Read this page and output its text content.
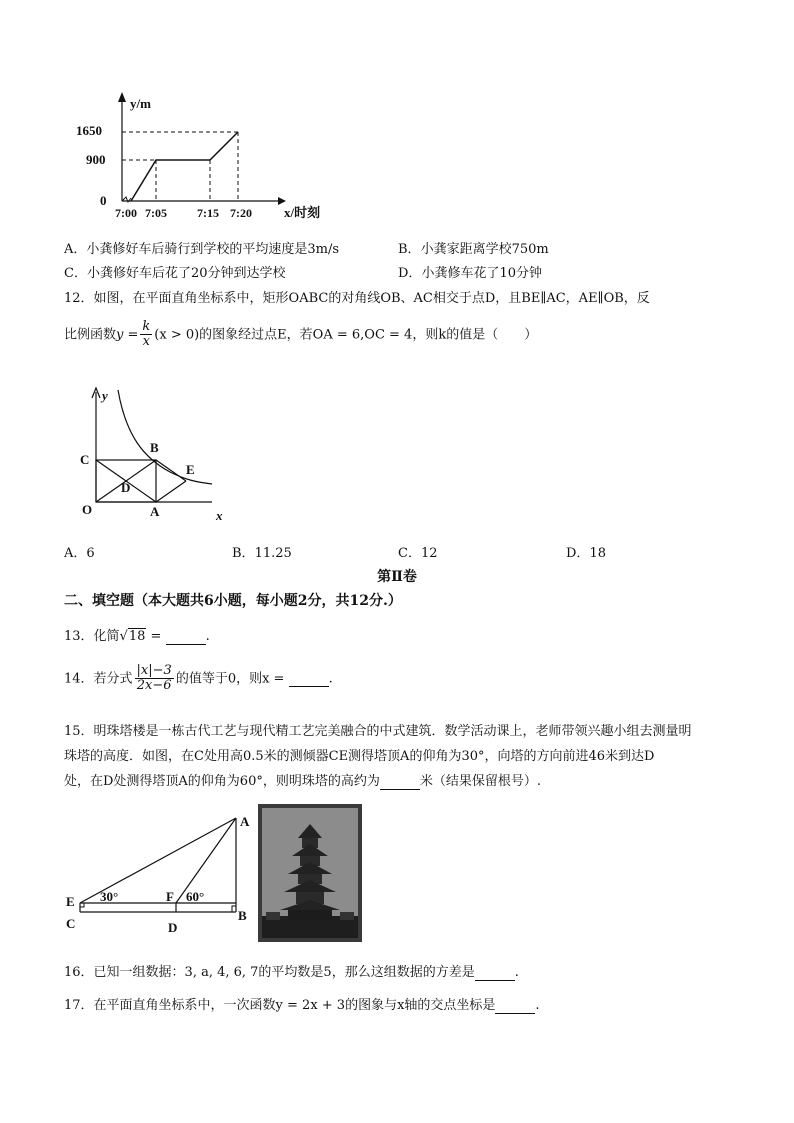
y/m
x/时刻
1650
900
0
7:00 7:05	7:15 7:20
A．小龚修好车后骑行到学校的平均速度是3m/s	B．小龚家距离学校750m
C．小龚修好车后花了20分钟到达学校	D．小龚修车花了10分钟
12．如图，在平面直角坐标系中，矩形OABC的对角线OB、AC相交于点D，且BE∥AC，AE∥OB，反
比例函数$y = \frac{k}{x} (x > 0)$的图象经过点E，若OA = 6,OC = 4，则k的值是（　　）
y
x
O	A
B
C
D
E
A．6	B．11.25	C．12	D．18
第Ⅱ卷
二、填空题（本大题共6小题，每小题2分，共12分.）
13．化简√18 =	.
14．若分式 $\frac{|x|-3}{2x-6}$ 的值等于0，则x =	.
15．明珠塔楼是一栋古代工艺与现代精工艺完美融合的中式建筑．数学活动课上，老师带领兴趣小组去测量明
珠塔的高度．如图，在C处用高0.5米的测倾器CE测得塔顶A的仰角为30°，向塔的方向前进46米到达D
处，在D处测得塔顶A的仰角为60°，则明珠塔的高约为	米（结果保留根号）.
A
B
C	D
E	F
30°	60°
16．已知一组数据：3, a, 4, 6, 7的平均数是5，那么这组数据的方差是	.
17．在平面直角坐标系中，一次函数y = 2x + 3的图象与x轴的交点坐标是	.
